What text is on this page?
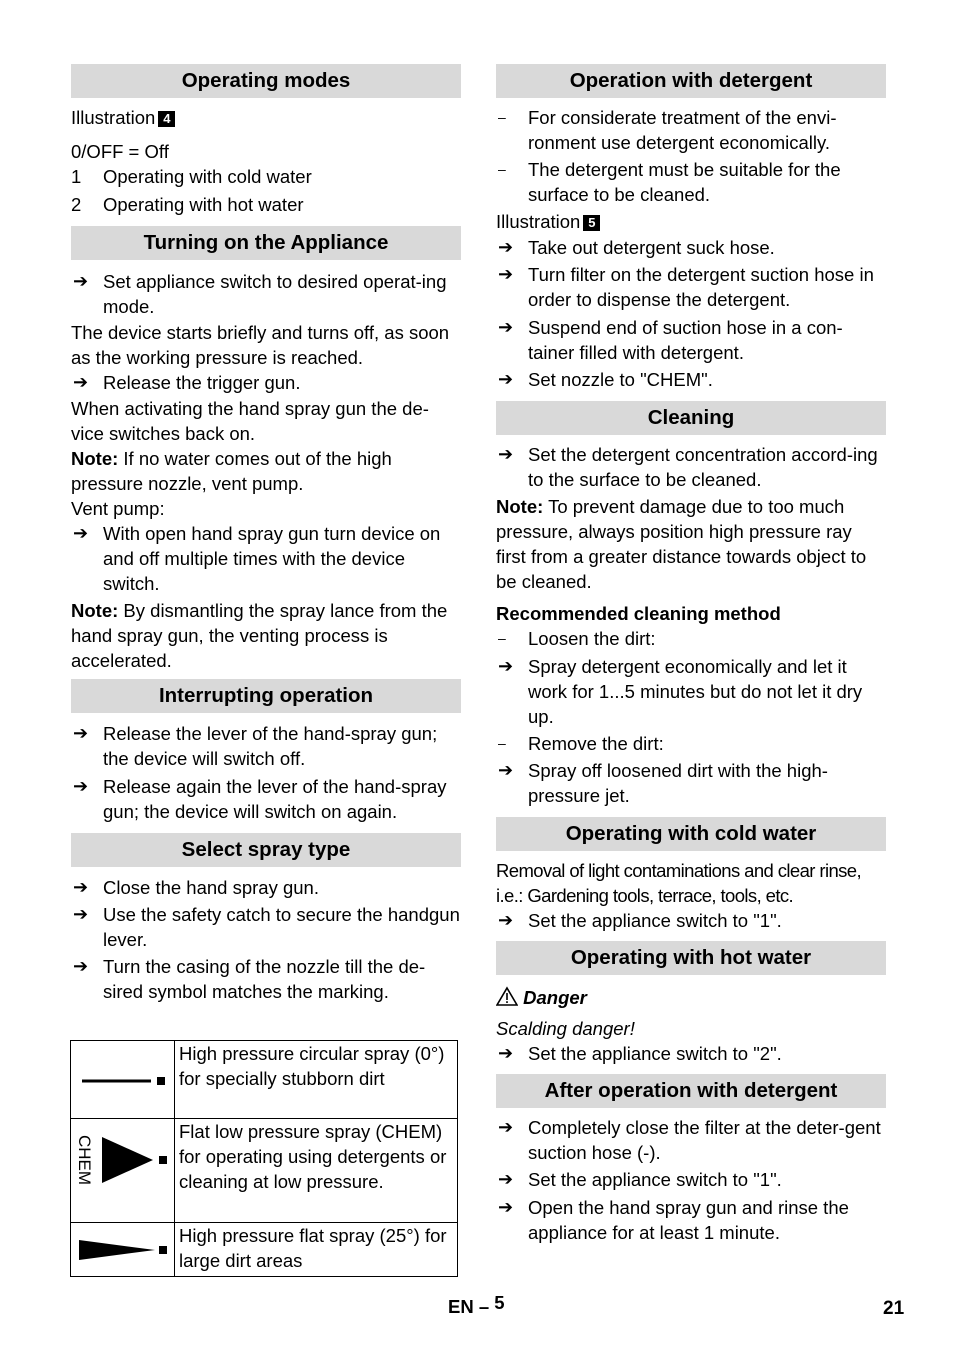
Operating modes
Illustration 4
0/OFF = Off
1 Operating with cold water
2 Operating with hot water
Turning on the Appliance
➔ Set appliance switch to desired operat-ing mode.
The device starts briefly and turns off, as soon as the working pressure is reached.
➔ Release the trigger gun.
When activating the hand spray gun the de-vice switches back on.
Note: If no water comes out of the high pressure nozzle, vent pump.
Vent pump:
➔ With open hand spray gun turn device on and off multiple times with the device switch.
Note: By dismantling the spray lance from the hand spray gun, the venting process is accelerated.
Interrupting operation
➔ Release the lever of the hand-spray gun; the device will switch off.
➔ Release again the lever of the hand-spray gun; the device will switch on again.
Select spray type
➔ Close the hand spray gun.
➔ Use the safety catch to secure the handgun lever.
➔ Turn the casing of the nozzle till the de-sired symbol matches the marking.
	High pressure circular spray (0°) for specially stubborn dirt

CHEM	Flat low pressure spray (CHEM) for operating using detergents or cleaning at low pressure.

	High pressure flat spray (25°) for large dirt areas
Operation with detergent
– For considerate treatment of the envi-ronment use detergent economically.
– The detergent must be suitable for the surface to be cleaned.
Illustration 5
➔ Take out detergent suck hose.
➔ Turn filter on the detergent suction hose in order to dispense the detergent.
➔ Suspend end of suction hose in a con-tainer filled with detergent.
➔ Set nozzle to "CHEM".
Cleaning
➔ Set the detergent concentration accord-ing to the surface to be cleaned.
Note: To prevent damage due to too much pressure, always position high pressure ray first from a greater distance towards object to be cleaned.
Recommended cleaning method
– Loosen the dirt:
➔ Spray detergent economically and let it work for 1...5 minutes but do not let it dry up.
– Remove the dirt:
➔ Spray off loosened dirt with the high-pressure jet.
Operating with cold water
Removal of light contaminations and clear rinse, i.e.: Gardening tools, terrace, tools, etc.
➔ Set the appliance switch to "1".
Operating with hot water
Danger
Scalding danger!
➔ Set the appliance switch to "2".
After operation with detergent
➔ Completely close the filter at the deter-gent suction hose (-).
➔ Set the appliance switch to "1".
➔ Open the hand spray gun and rinse the appliance for at least 1 minute.
EN – 5	21
